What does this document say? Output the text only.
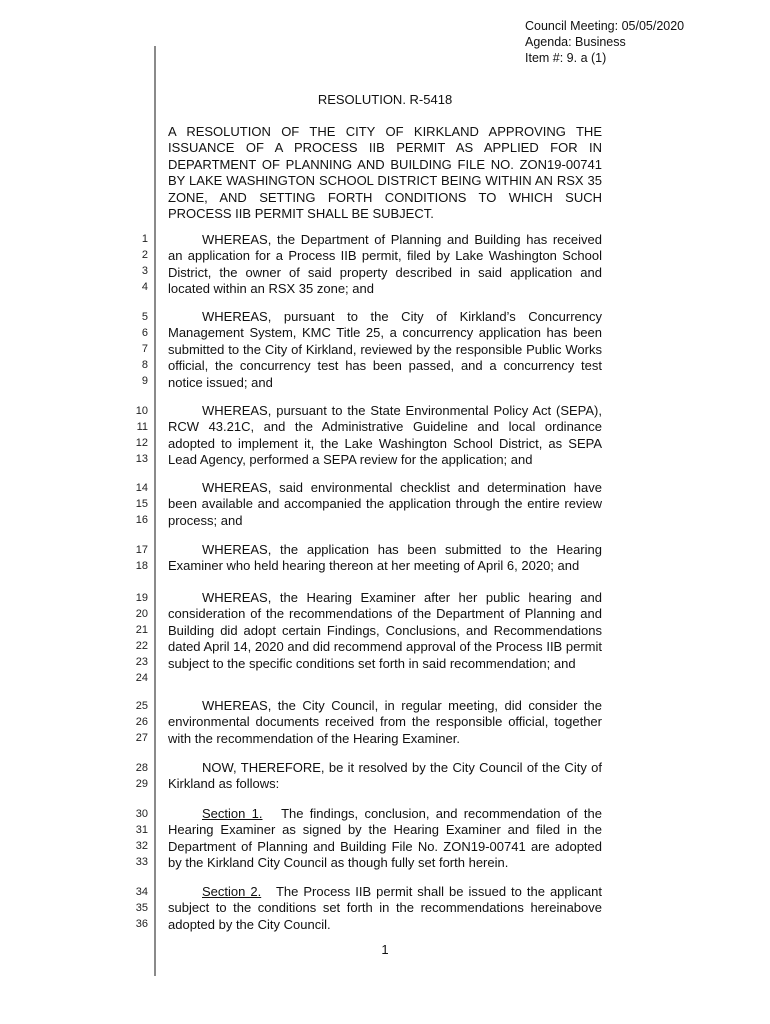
Council Meeting: 05/05/2020
Agenda: Business
Item #: 9. a (1)
RESOLUTION. R-5418
A RESOLUTION OF THE CITY OF KIRKLAND APPROVING THE ISSUANCE OF A PROCESS IIB PERMIT AS APPLIED FOR IN DEPARTMENT OF PLANNING AND BUILDING FILE NO. ZON19-00741 BY LAKE WASHINGTON SCHOOL DISTRICT BEING WITHIN AN RSX 35 ZONE, AND SETTING FORTH CONDITIONS TO WHICH SUCH PROCESS IIB PERMIT SHALL BE SUBJECT.
WHEREAS, the Department of Planning and Building has received an application for a Process IIB permit, filed by Lake Washington School District, the owner of said property described in said application and located within an RSX 35 zone; and
WHEREAS, pursuant to the City of Kirkland’s Concurrency Management System, KMC Title 25, a concurrency application has been submitted to the City of Kirkland, reviewed by the responsible Public Works official, the concurrency test has been passed, and a concurrency test notice issued; and
WHEREAS, pursuant to the State Environmental Policy Act (SEPA), RCW 43.21C, and the Administrative Guideline and local ordinance adopted to implement it, the Lake Washington School District, as SEPA Lead Agency, performed a SEPA review for the application; and
WHEREAS, said environmental checklist and determination have been available and accompanied the application through the entire review process; and
WHEREAS, the application has been submitted to the Hearing Examiner who held hearing thereon at her meeting of April 6, 2020; and
WHEREAS, the Hearing Examiner after her public hearing and consideration of the recommendations of the Department of Planning and Building did adopt certain Findings, Conclusions, and Recommendations dated April 14, 2020 and did recommend approval of the Process IIB permit subject to the specific conditions set forth in said recommendation; and
WHEREAS, the City Council, in regular meeting, did consider the environmental documents received from the responsible official, together with the recommendation of the Hearing Examiner.
NOW, THEREFORE, be it resolved by the City Council of the City of Kirkland as follows:
Section 1. The findings, conclusion, and recommendation of the Hearing Examiner as signed by the Hearing Examiner and filed in the Department of Planning and Building File No. ZON19-00741 are adopted by the Kirkland City Council as though fully set forth herein.
Section 2. The Process IIB permit shall be issued to the applicant subject to the conditions set forth in the recommendations hereinabove adopted by the City Council.
1
2
3
4
5
6
7
8
9
10
11
12
13
14
15
16
17
18
19
20
21
22
23
24
25
26
27
28
29
30
31
32
33
34
35
36
1
